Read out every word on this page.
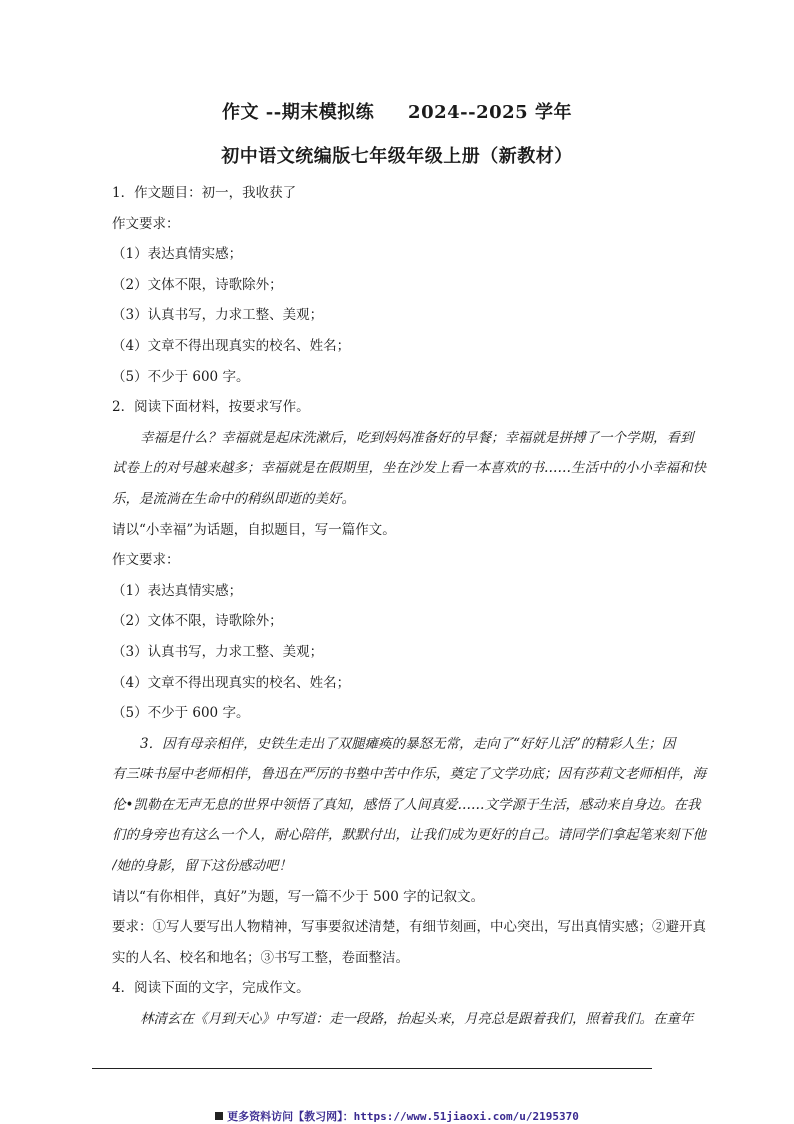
作文 --期末模拟练     2024--2025 学年
初中语文统编版七年级年级上册（新教材）
1．作文题目：初一，我收获了
作文要求：
（1）表达真情实感；
（2）文体不限，诗歌除外；
（3）认真书写，力求工整、美观；
（4）文章不得出现真实的校名、姓名；
（5）不少于 600 字。
2．阅读下面材料，按要求写作。
幸福是什么？幸福就是起床洗漱后，吃到妈妈准备好的早餐；幸福就是拼搏了一个学期，看到
试卷上的对号越来越多；幸福就是在假期里，坐在沙发上看一本喜欢的书……生活中的小小幸福和快
乐，是流淌在生命中的稍纵即逝的美好。
请以“小幸福”为话题，自拟题目，写一篇作文。
作文要求：
（1）表达真情实感；
（2）文体不限，诗歌除外；
（3）认真书写，力求工整、美观；
（4）文章不得出现真实的校名、姓名；
（5）不少于 600 字。
3．因有母亲相伴，史铁生走出了双腿瘫痪的暴怒无常，走向了“好好儿活”的精彩人生；因
有三味书屋中老师相伴，鲁迅在严厉的书塾中苦中作乐，奠定了文学功底；因有莎莉文老师相伴，海
伦•凯勒在无声无息的世界中领悟了真知，感悟了人间真爱……文学源于生活，感动来自身边。在我
们的身旁也有这么一个人，耐心陪伴，默默付出，让我们成为更好的自己。请同学们拿起笔来刻下他
/她的身影，留下这份感动吧！
请以“有你相伴，真好”为题，写一篇不少于 500 字的记叙文。
要求：①写人要写出人物精神，写事要叙述清楚，有细节刻画，中心突出，写出真情实感；②避开真
实的人名、校名和地名；③书写工整，卷面整洁。
4．阅读下面的文字，完成作文。
林清玄在《月到天心》中写道：走一段路，抬起头来，月亮总是跟着我们，照着我们。在童年
更多资料访问【教习网】：https://www.51jiaoxi.com/u/2195370
